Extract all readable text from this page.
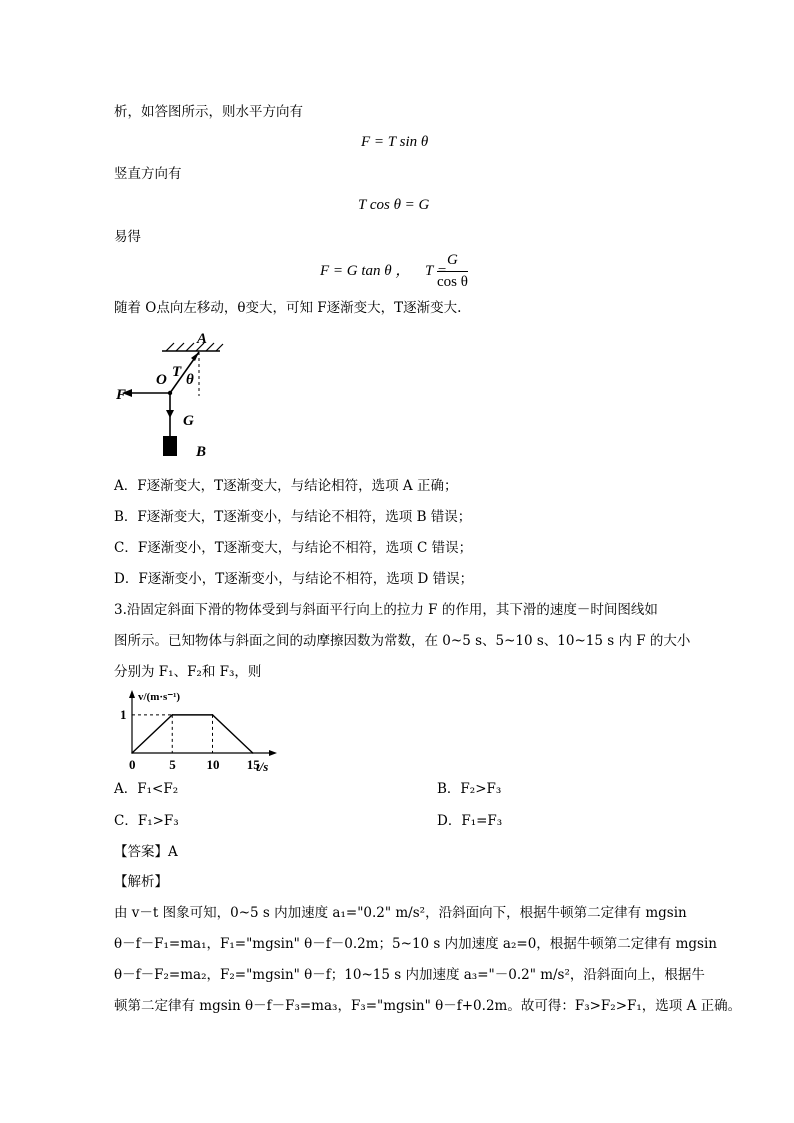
析，如答图所示，则水平方向有
F = T sin θ
竖直方向有
T cos θ = G
易得
F = G tan θ ， T =
$\frac{G}{\text{cos θ}}$
随着 O点向左移动，θ变大，可知 F逐渐变大，T逐渐变大.
A
O T θ
F
G
B
A．F逐渐变大，T逐渐变大，与结论相符，选项 A 正确；
B．F逐渐变大，T逐渐变小，与结论不相符，选项 B 错误；
C．F逐渐变小，T逐渐变大，与结论不相符，选项 C 错误；
D．F逐渐变小，T逐渐变小，与结论不相符，选项 D 错误；
3.沿固定斜面下滑的物体受到与斜面平行向上的拉力 F 的作用，其下滑的速度－时间图线如
图所示。已知物体与斜面之间的动摩擦因数为常数，在 0~5 s、5~10 s、10~15 s 内 F 的大小
分别为 F₁、F₂和 F₃，则
0	5 10 15
1
t/s
v/(m·s⁻¹)
A．F₁<F₂	B．F₂>F₃
C．F₁>F₃	D．F₁=F₃
【答案】A
【解析】
由 v－t 图象可知，0~5 s 内加速度 a₁="0.2" m/s²，沿斜面向下，根据牛顿第二定律有 mgsin
θ－f－F₁=ma₁，F₁="mgsin" θ－f－0.2m；5~10 s 内加速度 a₂=0，根据牛顿第二定律有 mgsin
θ－f－F₂=ma₂，F₂="mgsin" θ－f；10~15 s 内加速度 a₃="－0.2" m/s²，沿斜面向上，根据牛
顿第二定律有 mgsin θ－f－F₃=ma₃，F₃="mgsin" θ－f+0.2m。故可得：F₃>F₂>F₁，选项 A 正确。
